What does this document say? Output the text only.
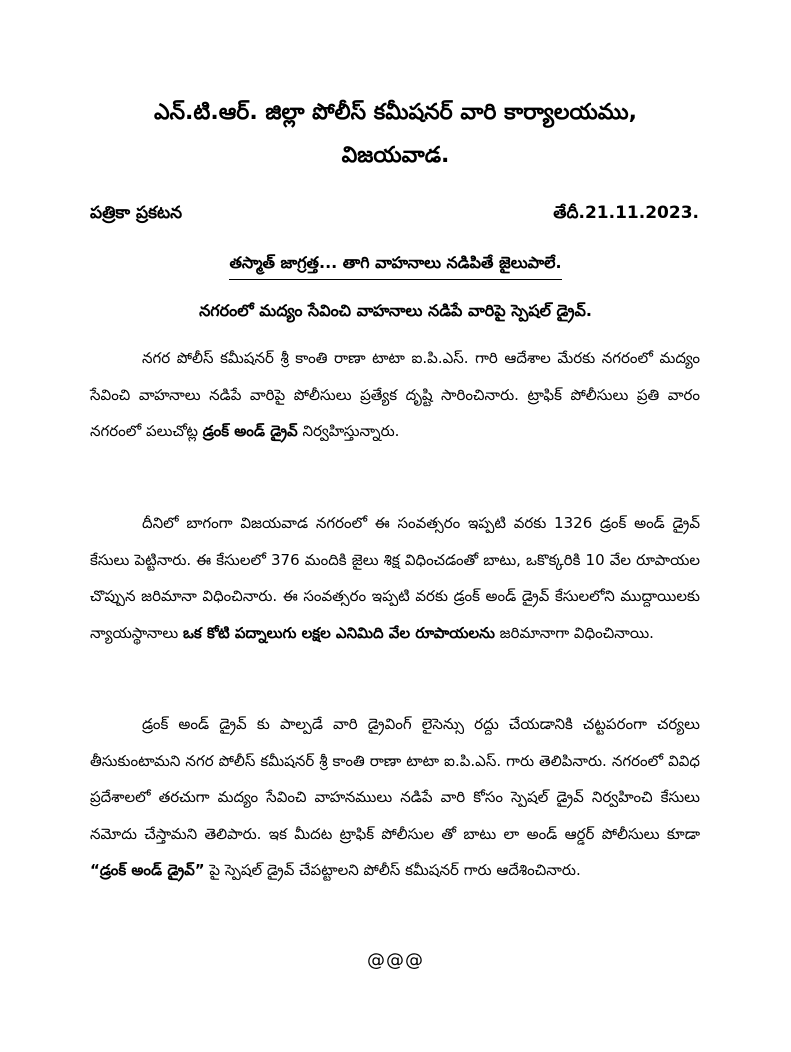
ఎన్.టి.ఆర్. జిల్లా పోలీస్ కమీషనర్ వారి కార్యాలయము,
విజయవాడ.
పత్రికా ప్రకటన	తేదీ.21.11.2023.
తస్మాత్ జాగ్రత్త... తాగి వాహనాలు నడిపితే జైలుపాలే.
నగరంలో మద్యం సేవించి వాహనాలు నడిపే వారిపై స్పెషల్ డ్రైవ్.
నగర పోలీస్ కమీషనర్ శ్రీ కాంతి రాణా టాటా ఐ.పి.ఎస్. గారి ఆదేశాల మేరకు నగరంలో మద్యం సేవించి వాహనాలు నడిపే వారిపై పోలీసులు ప్రత్యేక దృష్టి సారించినారు. ట్రాఫిక్ పోలీసులు ప్రతి వారం నగరంలో పలుచోట్ల డ్రంక్ అండ్ డ్రైవ్ నిర్వహిస్తున్నారు.
దీనిలో బాగంగా విజయవాడ నగరంలో ఈ సంవత్సరం ఇప్పటి వరకు 1326 డ్రంక్ అండ్ డ్రైవ్ కేసులు పెట్టినారు. ఈ కేసులలో 376 మందికి జైలు శిక్ష విధించడంతో బాటు, ఒకొక్కరికి 10 వేల రూపాయల చొప్పున జరిమానా విధించినారు. ఈ సంవత్సరం ఇప్పటి వరకు డ్రంక్ అండ్ డ్రైవ్ కేసులలోని ముద్దాయిలకు న్యాయస్థానాలు ఒక కోటి పద్నాలుగు లక్షల ఎనిమిది వేల రూపాయలను జరిమానాగా విధించినాయి.
డ్రంక్ అండ్ డ్రైవ్ కు పాల్పడే వారి డ్రైవింగ్ లైసెన్సు రద్దు చేయడానికి చట్టపరంగా చర్యలు తీసుకుంటామని నగర పోలీస్ కమీషనర్ శ్రీ కాంతి రాణా టాటా ఐ.పి.ఎస్. గారు తెలిపినారు. నగరంలో వివిధ ప్రదేశాలలో తరచుగా మద్యం సేవించి వాహనములు నడిపే వారి కోసం స్పెషల్ డ్రైవ్ నిర్వహించి కేసులు నమోదు చేస్తామని తెలిపారు. ఇక మీదట ట్రాఫిక్ పోలీసుల తో బాటు లా అండ్ ఆర్డర్ పోలీసులు కూడా “డ్రంక్ అండ్ డ్రైవ్” పై స్పెషల్ డ్రైవ్ చేపట్టాలని పోలీస్ కమీషనర్ గారు ఆదేశించినారు.
@@@
